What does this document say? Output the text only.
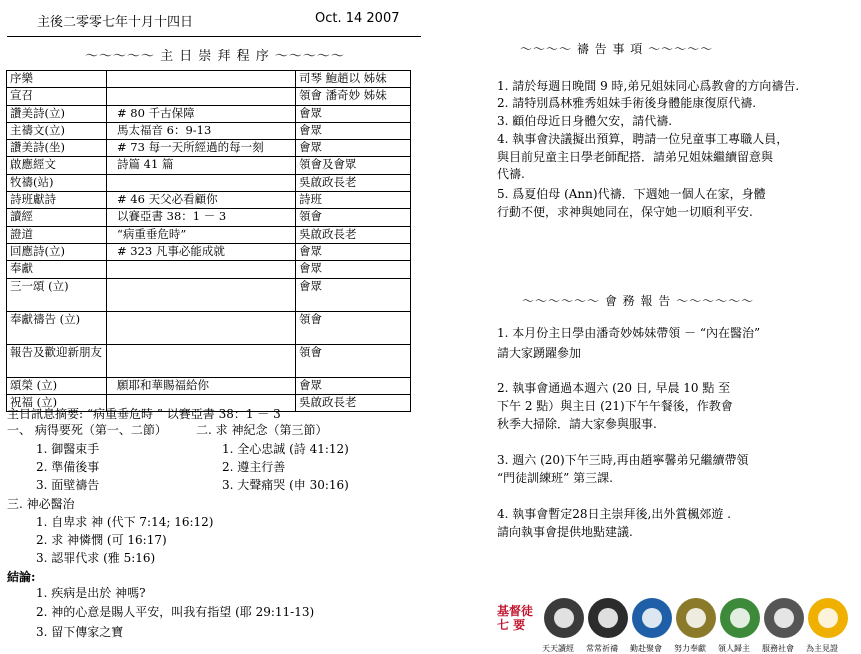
主後二零零七年十月十四日	Oct. 14 2007
～～～～～ 主 日 崇 拜 程 序 ～～～～～
序樂		司琴 鮑趙以 姊妹
宣召		領會 潘奇妙 姊妹
讚美詩(立)	# 80 千古保障	會眾
主禱文(立)	馬太福音 6：9-13	會眾
讚美詩(坐)	# 73 每一天所經過的每一刻	會眾
啟應經文	詩篇 41 篇	領會及會眾
牧禱(站)		吳啟政長老
詩班獻詩	# 46 天父必看顧你	詩班
讀經	以賽亞書 38：1 － 3	領會
證道	“病重垂危時”	吳啟政長老
回應詩(立)	# 323 凡事必能成就	會眾
奉獻		會眾
三一頌 (立)		會眾
奉獻禱告 (立)		領會
報告及歡迎新朋友		領會
頌榮 (立)	願耶和華賜福給你	會眾
祝福 (立)		吳啟政長老
主日訊息摘要: “病重垂危時 ” 以賽亞書 38：1 － 3
一、 病得要死（第一、二節） 二. 求 神紀念（第三節）
1. 御醫束手
2. 準備後事
3. 面壁禱告
1. 全心忠誠 (詩 41:12)
2. 遵主行善
3. 大聲痛哭 (申 30:16)
三. 神必醫治
1. 自卑求 神 (代下 7:14; 16:12)
2. 求 神憐憫 (可 16:17)
3. 認罪代求 (雅 5:16)
結論:
1. 疾病是出於 神嗎?
2. 神的心意是賜人平安，叫我有指望 (耶 29:11-13)
3. 留下傳家之寶
～～～～ 禱 告 事 項 ～～～～～
1. 請於每週日晚間 9 時,弟兄姐妹同心爲教會的方向禱告.
2. 請特別爲林雅秀姐妹手術後身體能康復原代禱.
3. 顧伯母近日身體欠安，請代禱.
4. 執事會決議擬出預算，聘請一位兒童事工專職人員，
與目前兒童主日學老師配搭．請弟兄姐妹繼續留意與
代禱.
5. 爲夏伯母 (Ann)代禱．下週她一個人在家，身體
行動不便，求神與她同在，保守她一切順利平安.
～～～～～～ 會 務 報 告 ～～～～～～
1. 本月份主日學由潘奇妙姊妹帶領 － “內在醫治”
請大家踴躍參加
2. 執事會通過本週六 (20 日, 早晨 10 點 至
下午 2 點）與主日 (21)下午午餐後，作教會
秋季大掃除．請大家參與服事.
3. 週六 (20)下午三時,再由趙寧馨弟兄繼續帶領
“門徒訓練班” 第三課.
4. 執事會暫定28日主崇拜後,出外賞楓郊遊 .
請向執事會提供地點建議.
基督徒
七 要
天天讀經 常常祈禱 勤赴聚會 努力奉獻 領人歸主 服務社會 為主見證
